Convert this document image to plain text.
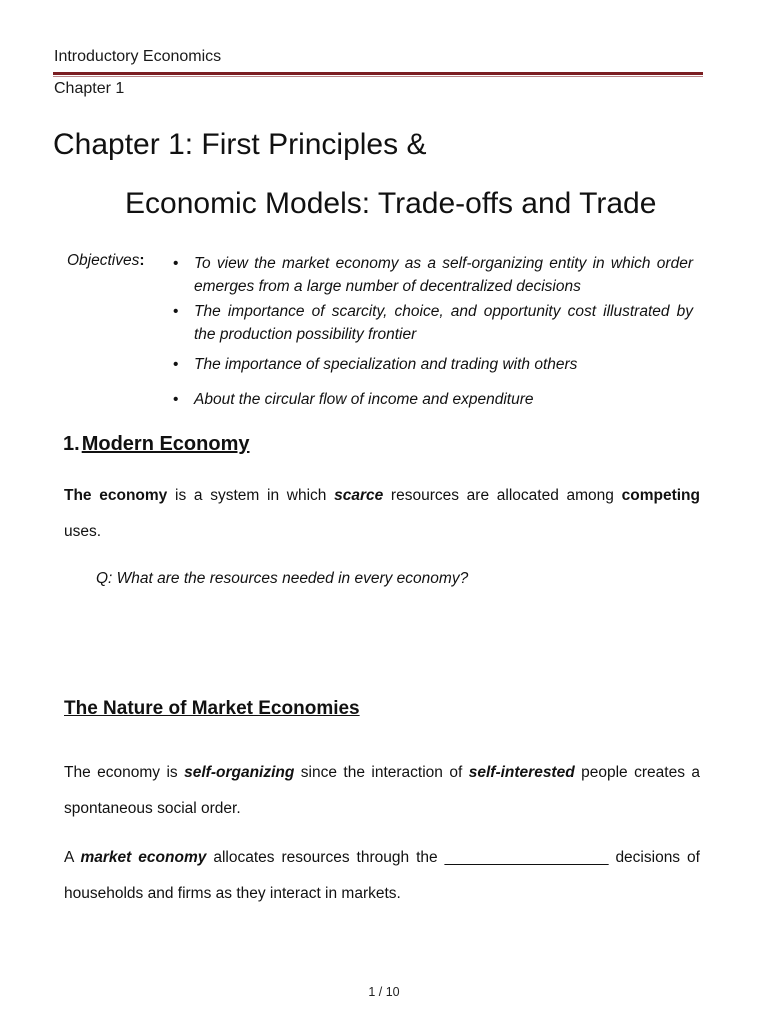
Introductory Economics
Chapter 1
Chapter 1: First Principles &
Economic Models: Trade-offs and Trade
Objectives: • To view the market economy as a self-organizing entity in which order emerges from a large number of decentralized decisions
• The importance of scarcity, choice, and opportunity cost illustrated by the production possibility frontier
• The importance of specialization and trading with others
• About the circular flow of income and expenditure
1. Modern Economy
The economy is a system in which scarce resources are allocated among competing uses.
Q: What are the resources needed in every economy?
The Nature of Market Economies
The economy is self-organizing since the interaction of self-interested people creates a spontaneous social order.
A market economy allocates resources through the ___________________ decisions of households and firms as they interact in markets.
1 / 10
